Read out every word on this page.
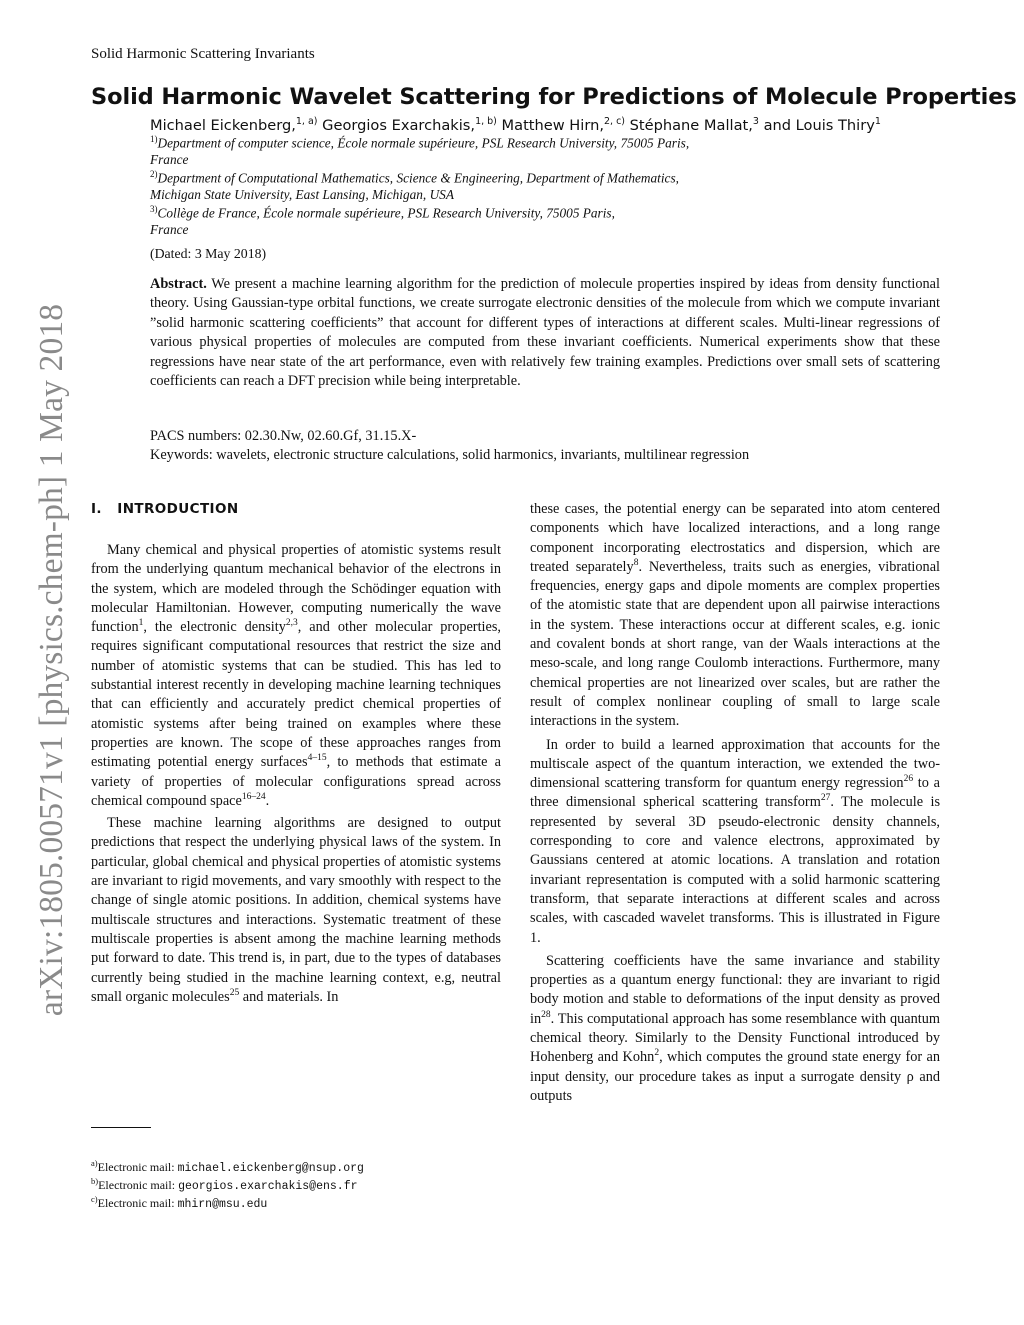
Solid Harmonic Scattering Invariants
Solid Harmonic Wavelet Scattering for Predictions of Molecule Properties
Michael Eickenberg,$^{1, a)}$ Georgios Exarchakis,$^{1, b)}$ Matthew Hirn,$^{2, c)}$ Stéphane Mallat,$^3$ and Louis Thiry$^1$
$^{1)}$Department of computer science, École normale supérieure, PSL Research University, 75005 Paris,
France
$^{2)}$Department of Computational Mathematics, Science & Engineering, Department of Mathematics,
Michigan State University, East Lansing, Michigan, USA
$^{3)}$Collège de France, École normale supérieure, PSL Research University, 75005 Paris,
France
(Dated: 3 May 2018)
Abstract. We present a machine learning algorithm for the prediction of molecule properties inspired by ideas from density functional theory. Using Gaussian-type orbital functions, we create surrogate electronic densities of the molecule from which we compute invariant ”solid harmonic scattering coefficients” that account for different types of interactions at different scales. Multi-linear regressions of various physical properties of molecules are computed from these invariant coefficients. Numerical experiments show that these regressions have near state of the art performance, even with relatively few training examples. Predictions over small sets of scattering coefficients can reach a DFT precision while being interpretable.
PACS numbers: 02.30.Nw, 02.60.Gf, 31.15.X-
Keywords: wavelets, electronic structure calculations, solid harmonics, invariants, multilinear regression
arXiv:1805.00571v1 [physics.chem-ph] 1 May 2018 I. INTRODUCTION

Many chemical and physical properties of atomistic systems result from the underlying quantum mechanical behavior of the electrons in the system, which are modeled through the Schödinger equation with molecular Hamiltonian. However, computing numerically the wave function$^1$, the electronic density$^{2,3}$, and other molecular properties, requires significant computational resources that restrict the size and number of atomistic systems that can be studied. This has led to substantial interest recently in developing machine learning techniques that can efficiently and accurately predict chemical properties of atomistic systems after being trained on examples where these properties are known. The scope of these approaches ranges from estimating potential energy surfaces$^{4-15}$, to methods that estimate a variety of properties of molecular configurations spread across chemical compound space$^{16-24}$.

These machine learning algorithms are designed to output predictions that respect the underlying physical laws of the system. In particular, global chemical and physical properties of atomistic systems are invariant to rigid movements, and vary smoothly with respect to the change of single atomic positions. In addition, chemical systems have multiscale structures and interactions. Systematic treatment of these multiscale properties is absent among the machine learning methods put forward to date. This trend is, in part, due to the types of databases currently being studied in the machine learning context, e.g, neutral small organic molecules$^{25}$ and materials. In

these cases, the potential energy can be separated into atom centered components which have localized interactions, and a long range component incorporating electrostatics and dispersion, which are treated separately$^8$. Nevertheless, traits such as energies, vibrational frequencies, energy gaps and dipole moments are complex properties of the atomistic state that are dependent upon all pairwise interactions in the system. These interactions occur at different scales, e.g. ionic and covalent bonds at short range, van der Waals interactions at the meso-scale, and long range Coulomb interactions. Furthermore, many chemical properties are not linearized over scales, but are rather the result of complex nonlinear coupling of small to large scale interactions in the system.

In order to build a learned approximation that accounts for the multiscale aspect of the quantum interaction, we extended the two-dimensional scattering transform for quantum energy regression$^{26}$ to a three dimensional spherical scattering transform$^{27}$. The molecule is represented by several 3D pseudo-electronic density channels, corresponding to core and valence electrons, approximated by Gaussians centered at atomic locations. A translation and rotation invariant representation is computed with a solid harmonic scattering transform, that separate interactions at different scales and across scales, with cascaded wavelet transforms. This is illustrated in Figure 1.

Scattering coefficients have the same invariance and stability properties as a quantum energy functional: they are invariant to rigid body motion and stable to deformations of the input density as proved $in^{28}$. This computational approach has some resemblance with quantum chemical theory. Similarly to the Density Functional introduced by Hohenberg and Kohn$^2$, which computes the ground state energy for an input density, our procedure takes as input a surrogate density ρ and outputs

$^{a)}$Electronic mail: michael.eickenberg@nsup.org
$^{b)}$Electronic mail: georgios.exarchakis@ens.fr
$^{c)}$Electronic mail: mhirn@msu.edu
